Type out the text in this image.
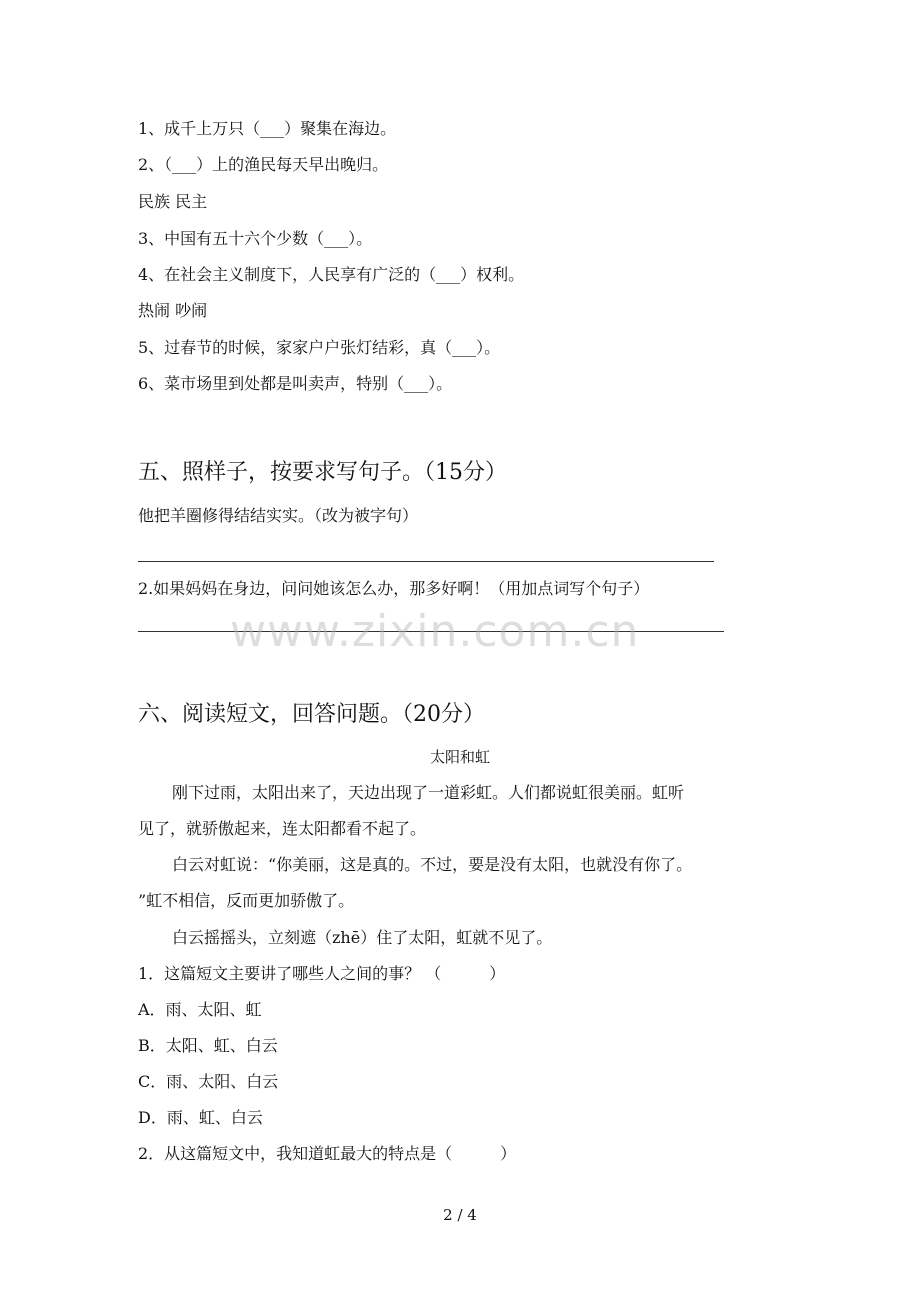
1、成千上万只（___）聚集在海边。
2、（___）上的渔民每天早出晚归。
民族 民主
3、中国有五十六个少数（___）。
4、在社会主义制度下，人民享有广泛的（___）权利。
热闹 吵闹
5、过春节的时候，家家户户张灯结彩，真（___）。
6、菜市场里到处都是叫卖声，特别（___）。
五、照样子，按要求写句子。（15分）
他把羊圈修得结结实实。（改为被字句）
2.如果妈妈在身边，问问她该怎么办，那多好啊！（用加点词写个句子）
www.zixin.com.cn
六、阅读短文，回答问题。（20分）
太阳和虹
刚下过雨，太阳出来了，天边出现了一道彩虹。人们都说虹很美丽。虹听
见了，就骄傲起来，连太阳都看不起了。
白云对虹说：“你美丽，这是真的。不过，要是没有太阳，也就没有你了。
”虹不相信，反而更加骄傲了。
白云摇摇头，立刻遮（zhē）住了太阳，虹就不见了。
1．这篇短文主要讲了哪些人之间的事？ （　　　）
A．雨、太阳、虹
B．太阳、虹、白云
C．雨、太阳、白云
D．雨、虹、白云
2．从这篇短文中，我知道虹最大的特点是（　　　）
2 / 4
